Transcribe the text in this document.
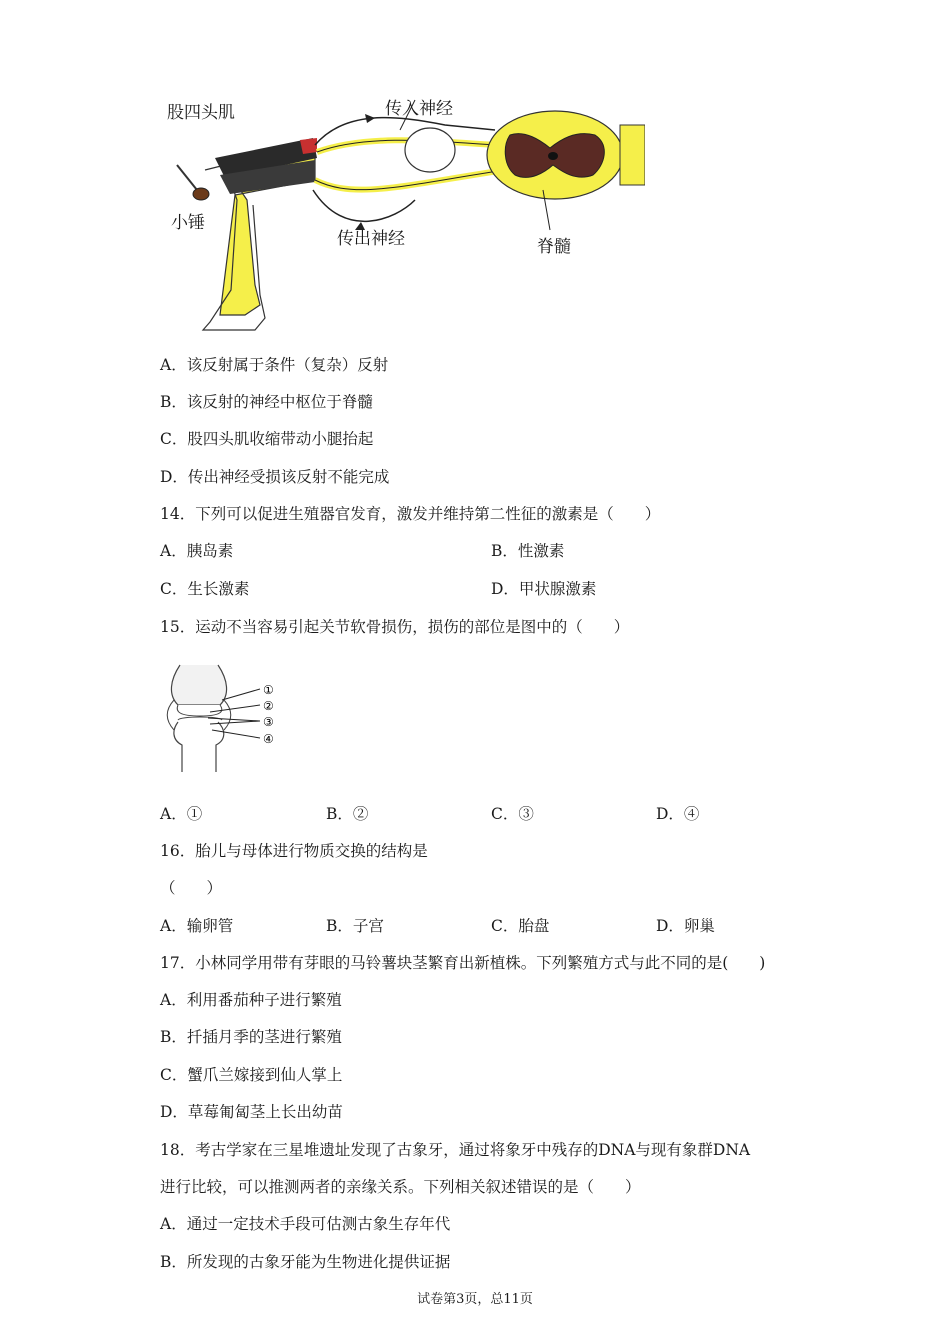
股四头肌	传入神经
小锤
传出神经	脊髓
A．该反射属于条件（复杂）反射
B．该反射的神经中枢位于脊髓
C．股四头肌收缩带动小腿抬起
D．传出神经受损该反射不能完成
14．下列可以促进生殖器官发育，激发并维持第二性征的激素是（　　）
A．胰岛素	B．性激素
C．生长激素	D．甲状腺激素
15．运动不当容易引起关节软骨损伤，损伤的部位是图中的（　　）
①
②
③
④
A．①	B．②	C．③	D．④
16．胎儿与母体进行物质交换的结构是
（　　）
A．输卵管	B．子宫	C．胎盘	D．卵巢
17．小林同学用带有芽眼的马铃薯块茎繁育出新植株。下列繁殖方式与此不同的是(　　)
A．利用番茄种子进行繁殖
B．扦插月季的茎进行繁殖
C．蟹爪兰嫁接到仙人掌上
D．草莓匍匐茎上长出幼苗
18．考古学家在三星堆遗址发现了古象牙，通过将象牙中残存的DNA与现有象群DNA
进行比较，可以推测两者的亲缘关系。下列相关叙述错误的是（　　）
A．通过一定技术手段可估测古象生存年代
B．所发现的古象牙能为生物进化提供证据
试卷第3页，总11页
